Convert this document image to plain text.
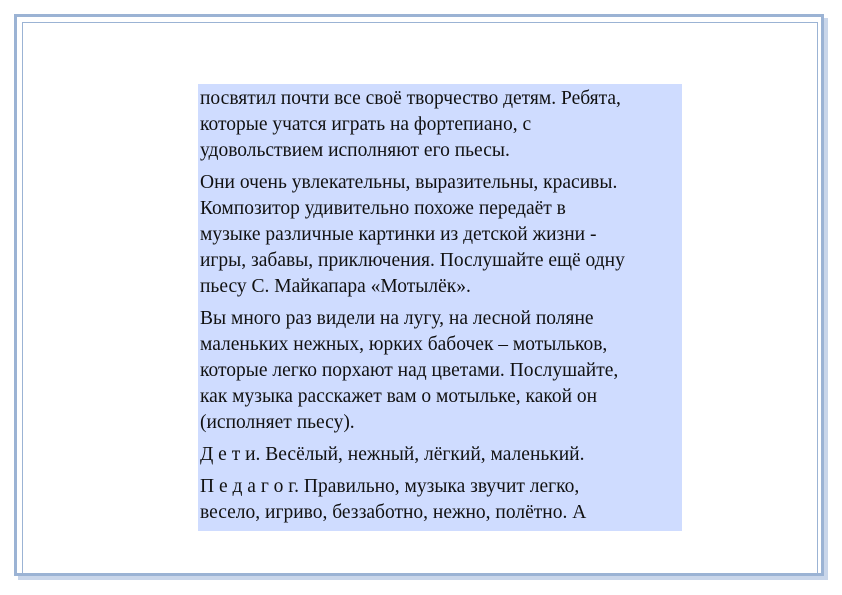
посвятил почти все своё творчество детям. Ребята,
которые учатся играть на фортепиано, с
удовольствием исполняют его пьесы.

Они очень увлекательны, выразительны, красивы.
Композитор удивительно похоже передаёт в
музыке различные картинки из детской жизни -
игры, забавы, приключения. Послушайте ещё одну
пьесу С. Майкапара «Мотылёк».

Вы много раз видели на лугу, на лесной поляне
маленьких нежных, юрких бабочек – мотыльков,
которые легко порхают над цветами. Послушайте,
как музыка расскажет вам о мотыльке, какой он
(исполняет пьесу).

Д е т и. Весёлый, нежный, лёгкий, маленький.

П е д а г о г. Правильно, музыка звучит легко,
весело, игриво, беззаботно, нежно, полётно. А
